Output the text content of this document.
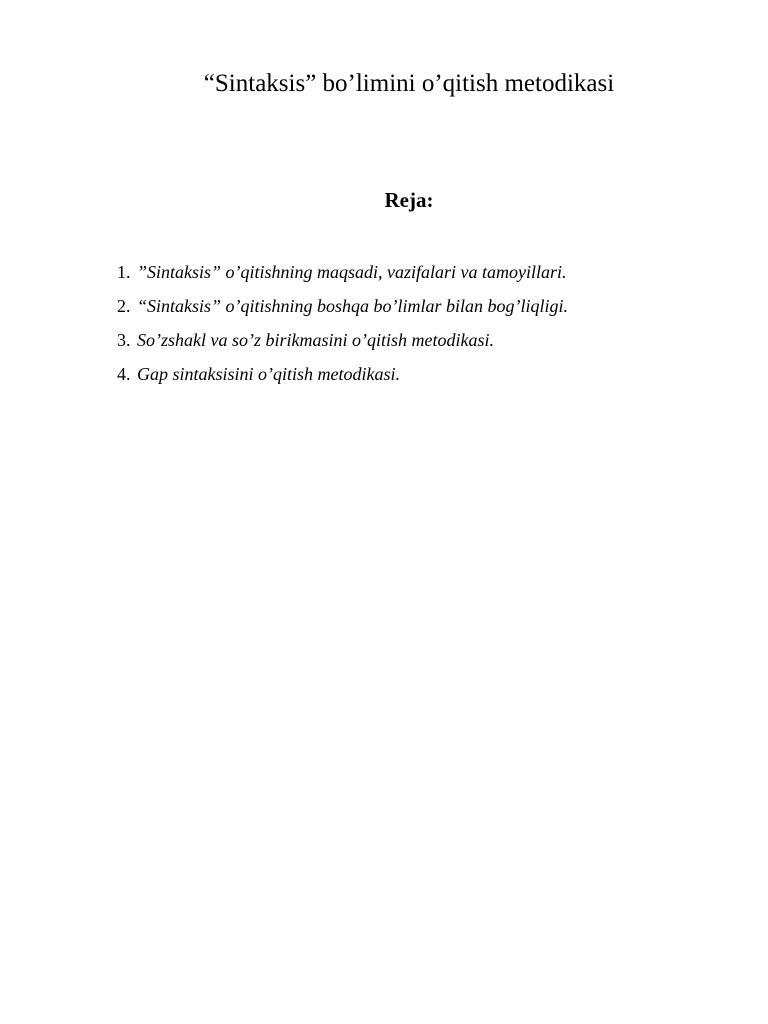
“Sintaksis” bo’limini o’qitish metodikasi
Reja:
1. ”Sintaksis” o’qitishning maqsadi, vazifalari va tamoyillari.
2. “Sintaksis” o’qitishning boshqa bo’limlar bilan bog’liqligi.
3. So’zshakl va so’z birikmasini o’qitish metodikasi.
4. Gap sintaksisini o’qitish metodikasi.
